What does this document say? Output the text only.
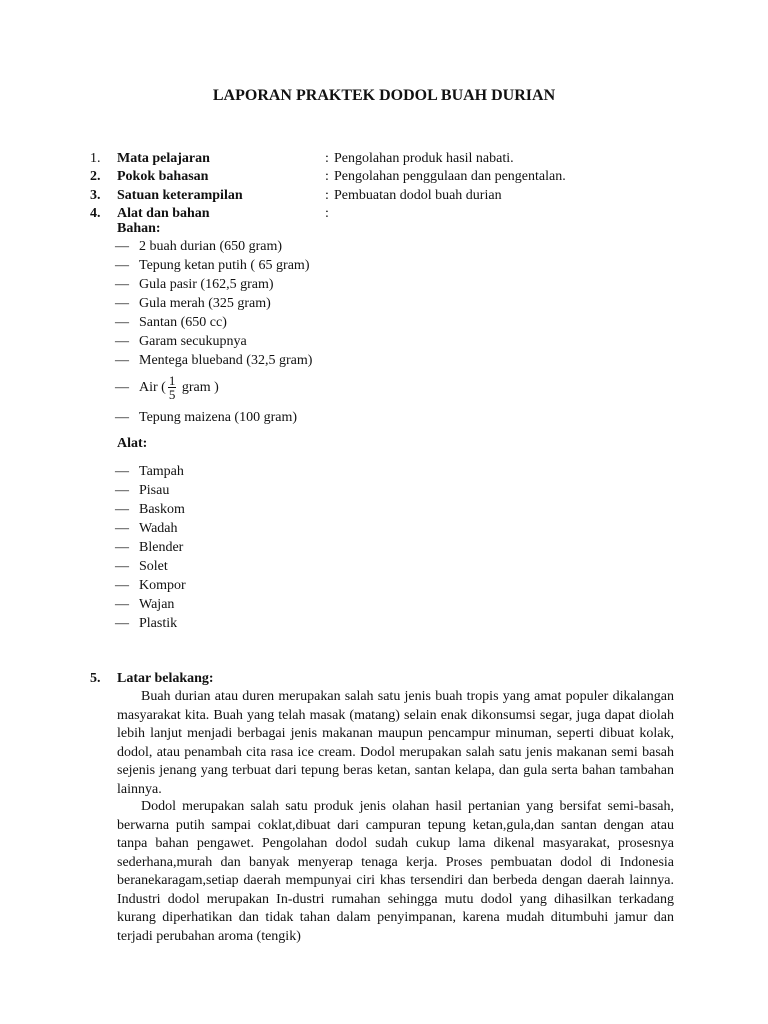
LAPORAN PRAKTEK DODOL BUAH DURIAN
1. Mata pelajaran	: Pengolahan produk hasil nabati.
2. Pokok bahasan	: Pengolahan penggulaan dan pengentalan.
3. Satuan keterampilan	: Pembuatan dodol buah durian
4. Alat dan bahan	:
Bahan:
— 2 buah durian (650 gram)
— Tepung ketan putih ( 65 gram)
— Gula pasir (162,5 gram)
— Gula merah (325 gram)
— Santan (650 cc)
— Garam secukupnya
— Mentega blueband (32,5 gram)
— Air ( $\frac{1}{5}$ gram )
— Tepung maizena (100 gram)
Alat:
— Tampah
— Pisau
— Baskom
— Wadah
— Blender
— Solet
— Kompor
— Wajan
— Plastik
5. Latar belakang:

Buah durian atau duren merupakan salah satu jenis buah tropis yang amat populer dikalangan masyarakat kita. Buah yang telah masak (matang) selain enak dikonsumsi segar, juga dapat diolah lebih lanjut menjadi berbagai jenis makanan maupun pencampur minuman, seperti dibuat kolak, dodol, atau penambah cita rasa ice cream. Dodol merupakan salah satu jenis makanan semi basah sejenis jenang yang terbuat dari tepung beras ketan, santan kelapa, dan gula serta bahan tambahan lainnya.

Dodol merupakan salah satu produk jenis olahan hasil pertanian yang bersifat semi-basah, berwarna putih sampai coklat,dibuat dari campuran tepung ketan,gula,dan santan dengan atau tanpa bahan pengawet. Pengolahan dodol sudah cukup lama dikenal masyarakat, prosesnya sederhana,murah dan banyak menyerap tenaga kerja. Proses pembuatan dodol di Indonesia beranekaragam,setiap daerah mempunyai ciri khas tersendiri dan berbeda dengan daerah lainnya. Industri dodol merupakan In-dustri rumahan sehingga mutu dodol yang dihasilkan terkadang kurang diperhatikan dan tidak tahan dalam penyimpanan, karena mudah ditumbuhi jamur dan terjadi perubahan aroma (tengik)
